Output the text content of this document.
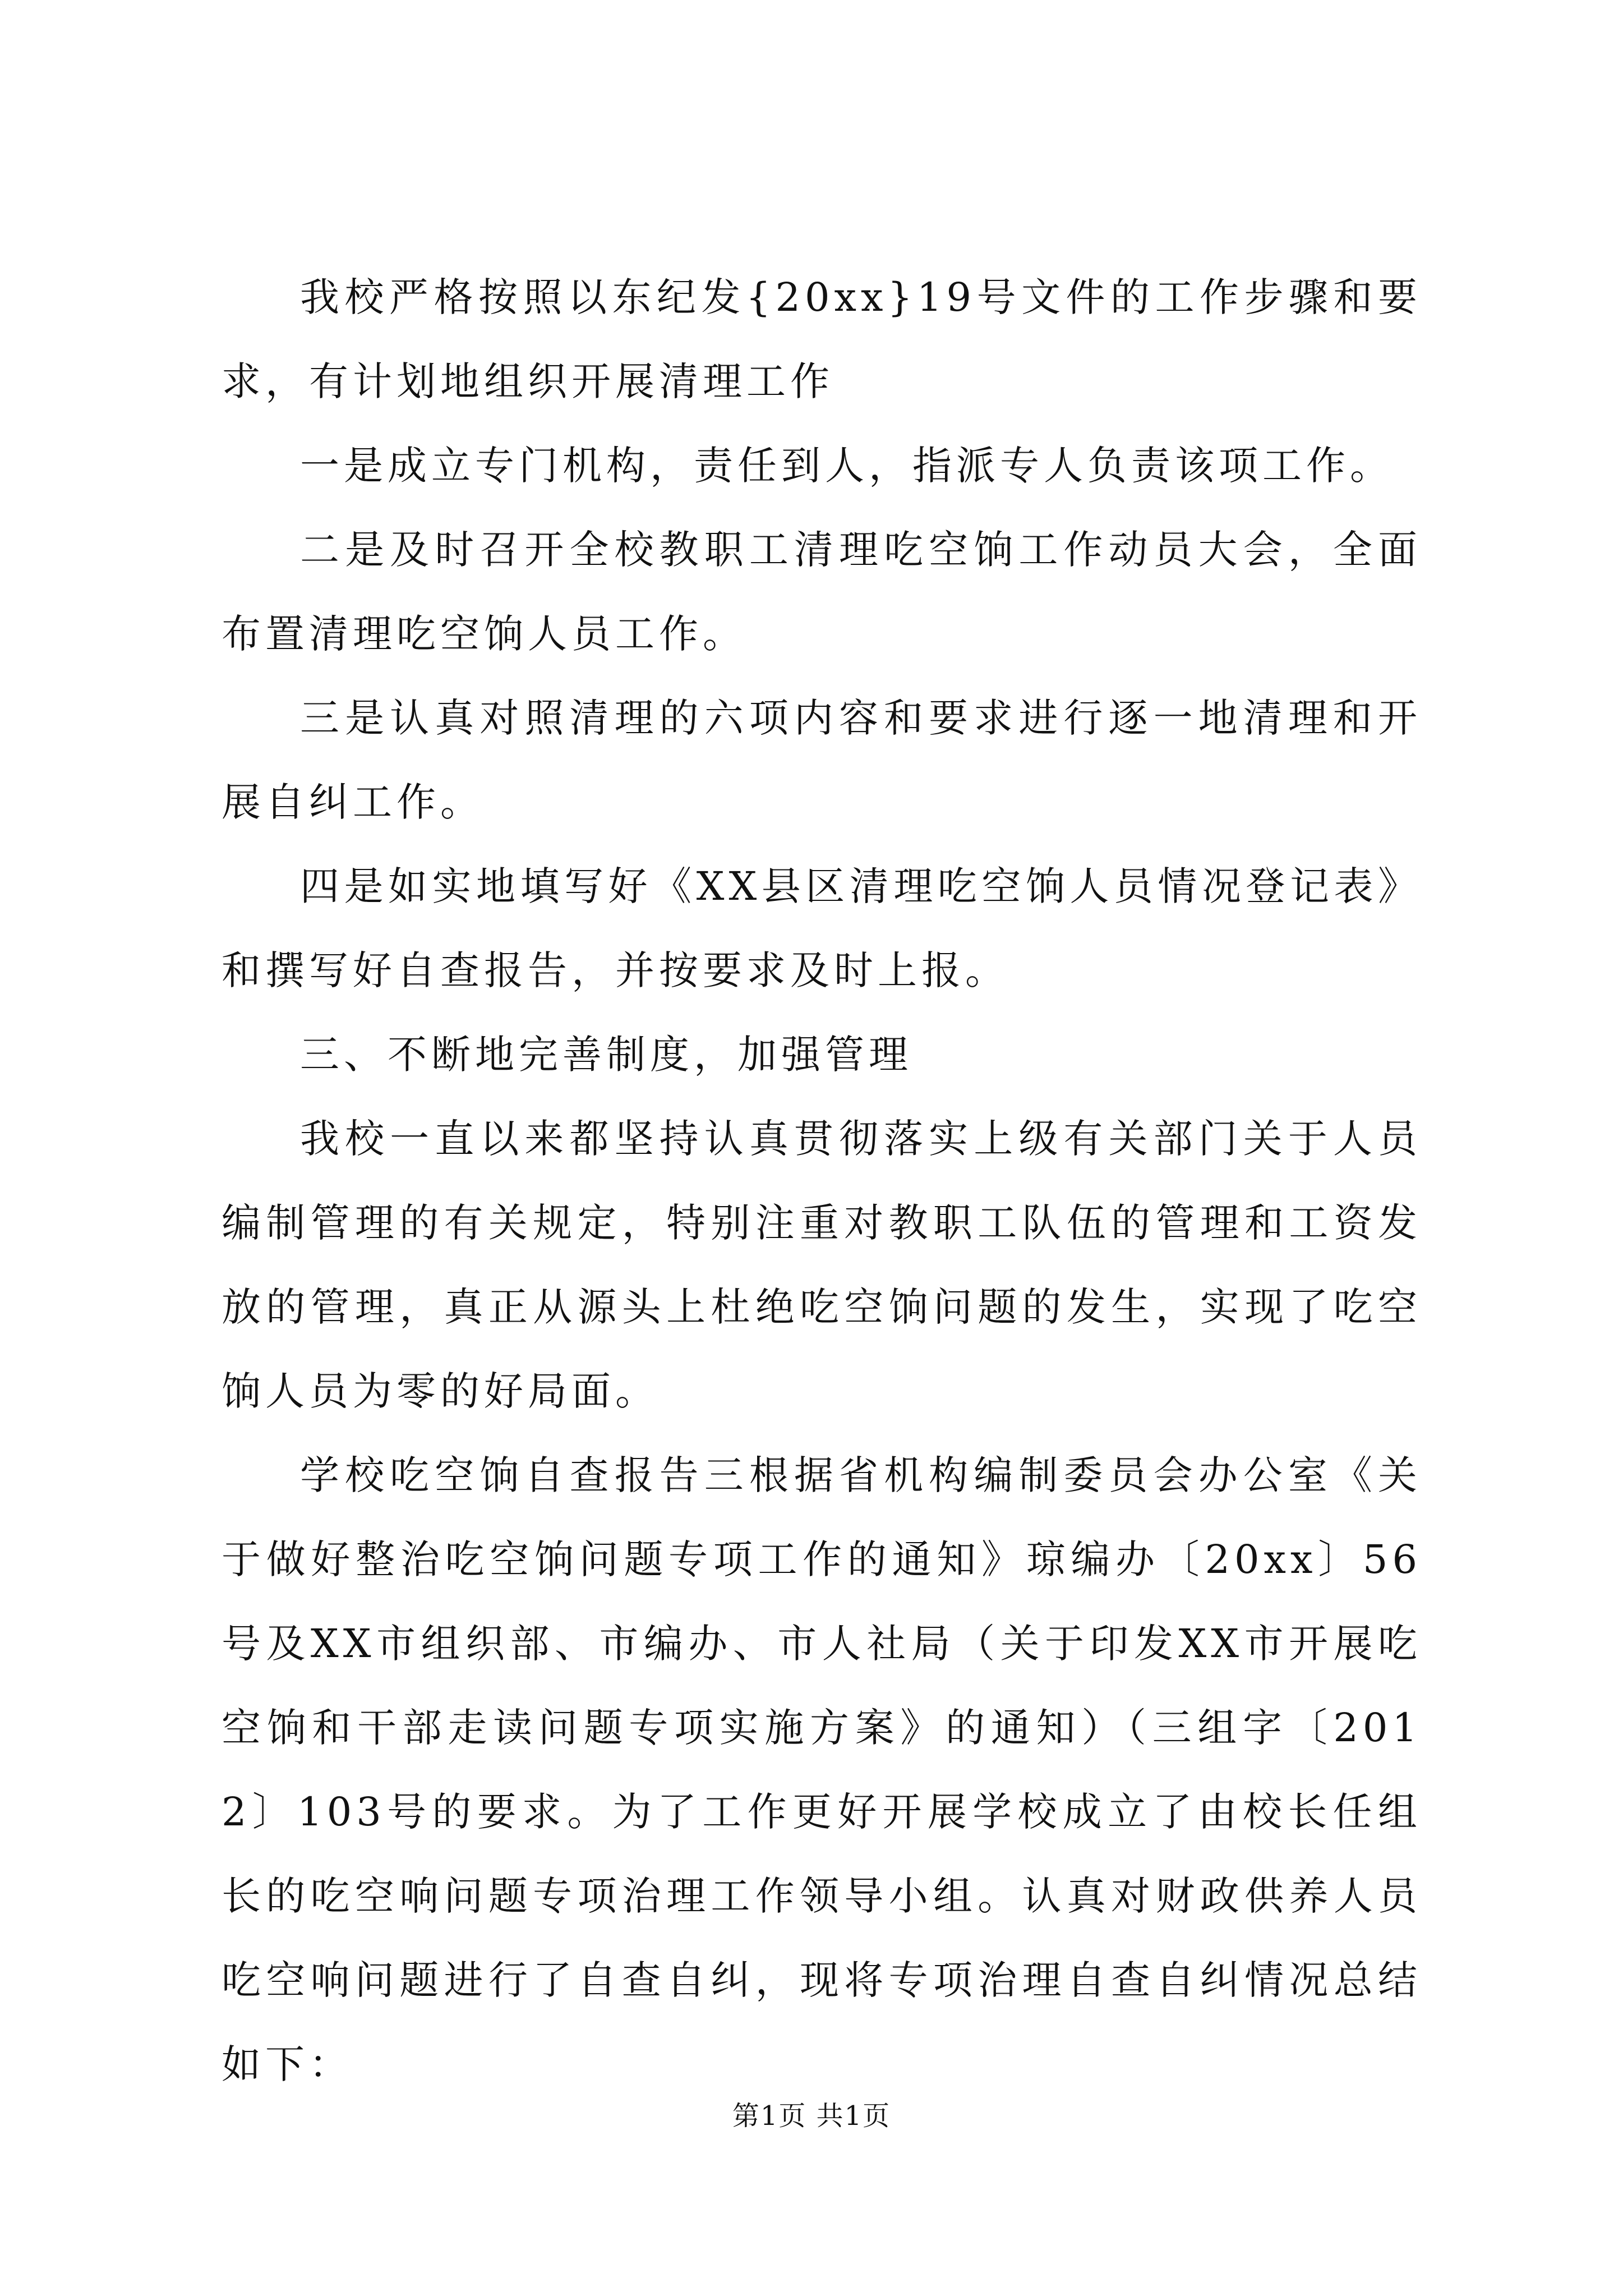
我校严格按照以东纪发{20xx}19号文件的工作步骤和要求，有计划地组织开展清理工作

一是成立专门机构，责任到人，指派专人负责该项工作。

二是及时召开全校教职工清理吃空饷工作动员大会，全面布置清理吃空饷人员工作。

三是认真对照清理的六项内容和要求进行逐一地清理和开展自纠工作。

四是如实地填写好《XX县区清理吃空饷人员情况登记表》和撰写好自查报告，并按要求及时上报。

三、不断地完善制度，加强管理

我校一直以来都坚持认真贯彻落实上级有关部门关于人员编制管理的有关规定，特别注重对教职工队伍的管理和工资发放的管理，真正从源头上杜绝吃空饷问题的发生，实现了吃空饷人员为零的好局面。

学校吃空饷自查报告三根据省机构编制委员会办公室《关于做好整治吃空饷问题专项工作的通知》琼编办〔20xx〕56号及XX市组织部、市编办、市人社局（关于印发XX市开展吃空饷和干部走读问题专项实施方案》的通知）（三组字〔2012〕103号的要求。为了工作更好开展学校成立了由校长任组长的吃空响问题专项治理工作领导小组。认真对财政供养人员吃空响问题进行了自查自纠，现将专项治理自查自纠情况总结如下：

第1页 共1页
